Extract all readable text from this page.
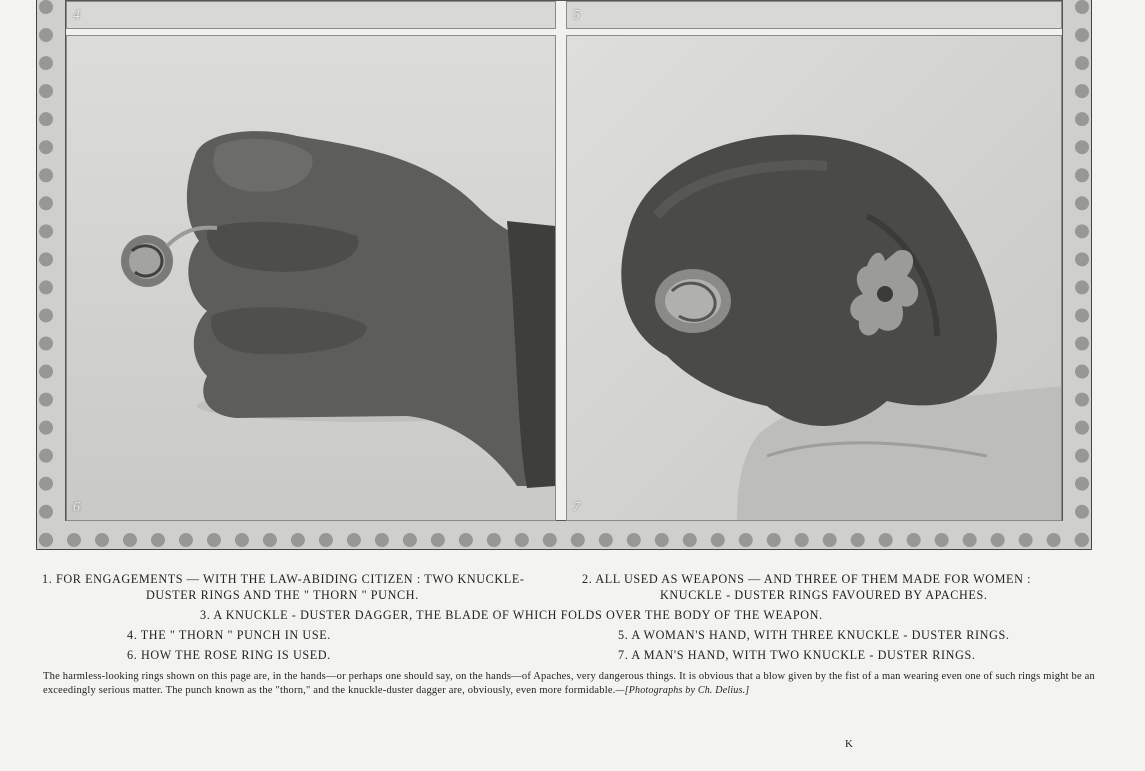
4	5
6	7
1. FOR ENGAGEMENTS — WITH THE LAW-ABIDING CITIZEN : TWO KNUCKLE-
DUSTER RINGS AND THE " THORN " PUNCH.
2. ALL USED AS WEAPONS — AND THREE OF THEM MADE FOR WOMEN :
KNUCKLE - DUSTER RINGS FAVOURED BY APACHES.
3. A KNUCKLE - DUSTER DAGGER, THE BLADE OF WHICH FOLDS OVER THE BODY OF THE WEAPON.
4. THE " THORN " PUNCH IN USE.	5. A WOMAN'S HAND, WITH THREE KNUCKLE - DUSTER RINGS.
6. HOW THE ROSE RING IS USED.	7. A MAN'S HAND, WITH TWO KNUCKLE - DUSTER RINGS.
The harmless-looking rings shown on this page are, in the hands—or perhaps one should say, on the hands—of Apaches, very dangerous things. It is obvious that a blow given by the fist of a man wearing even one of such rings might be an exceedingly serious matter. The punch known as the "thorn," and the knuckle-duster dagger are, obviously, even more formidable.—[Photographs by Ch. Delius.]
K
